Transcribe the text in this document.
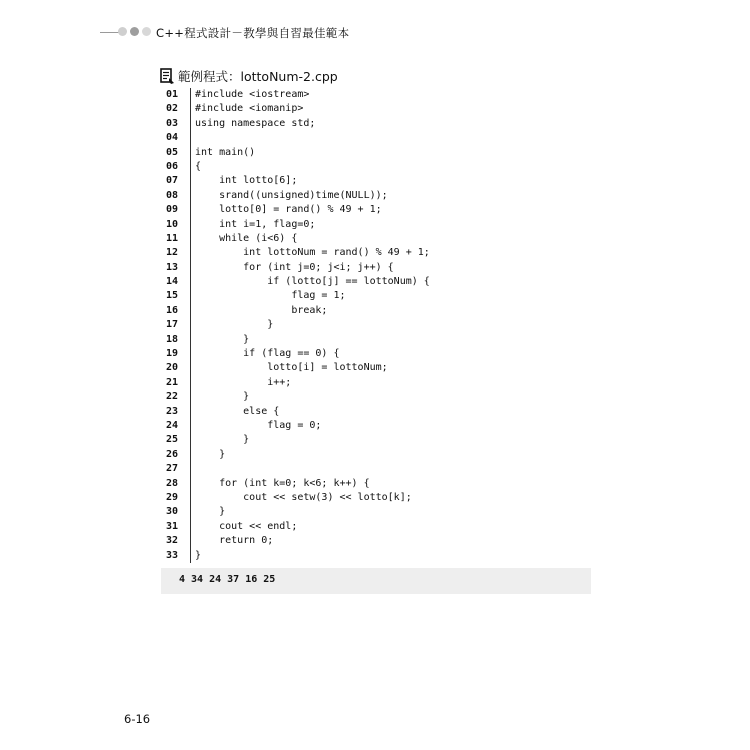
C++程式設計－教學與自習最佳範本
範例程式：lottoNum-2.cpp
01	#include <iostream>
02	#include <iomanip>
03	using namespace std;
04
05	int main()
06	{
07	int lotto[6];
08	srand((unsigned)time(NULL));
09	lotto[0] = rand() % 49 + 1;
10	int i=1, flag=0;
11	while (i<6) {
12	int lottoNum = rand() % 49 + 1;
13	for (int j=0; j<i; j++) {
14	if (lotto[j] == lottoNum) {
15	flag = 1;
16	break;
17	}
18	}
19	if (flag == 0) {
20	lotto[i] = lottoNum;
21	i++;
22	}
23	else {
24	flag = 0;
25	}
26	}
27
28	for (int k=0; k<6; k++) {
29	cout << setw(3) << lotto[k];
30	}
31	cout << endl;
32	return 0;
33	}
4 34 24 37 16 25
6-16
